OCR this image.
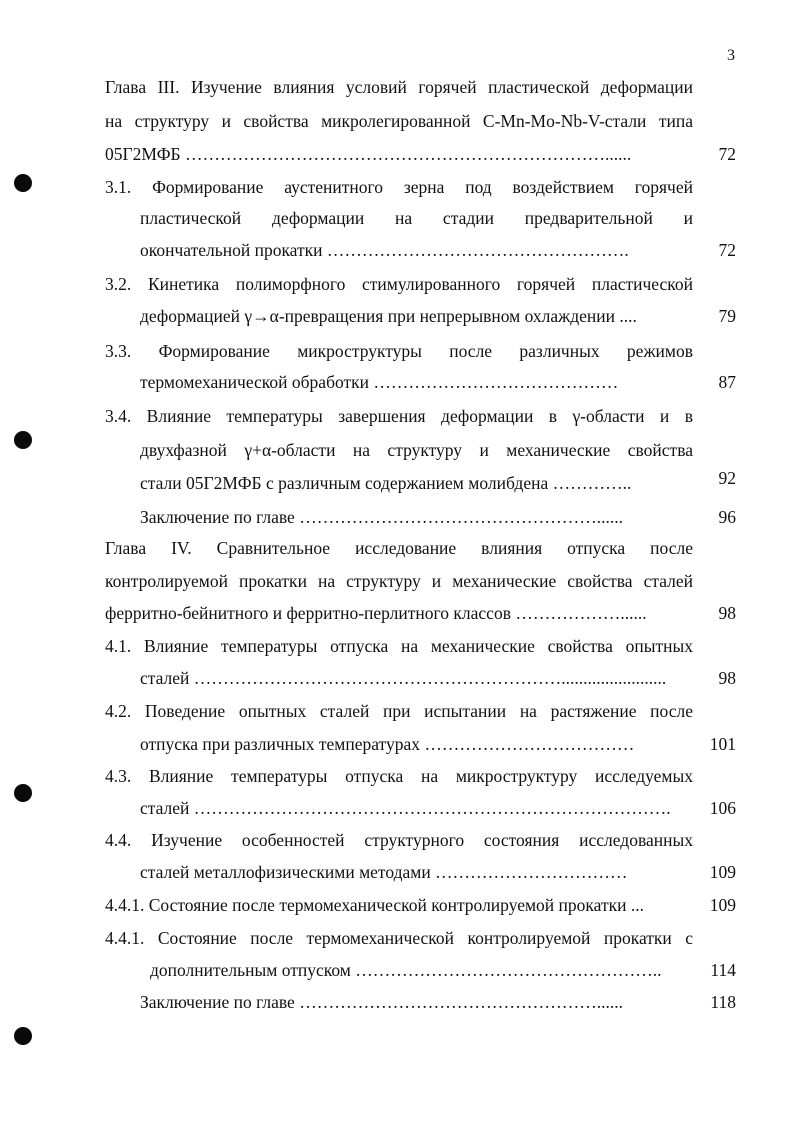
3
Глава III. Изучение влияния условий горячей пластической деформации
на структуру и свойства микролегированной C-Mn-Mo-Nb-V-стали типа
05Г2МФБ ………………………………………………………………......	72
3.1. Формирование аустенитного зерна под воздействием горячей
пластической деформации на стадии предварительной и
окончательной прокатки …………………………………………….	72
3.2. Кинетика полиморфного стимулированного горячей пластической
деформацией γ→α-превращения при непрерывном охлаждении ....	79
3.3. Формирование микроструктуры после различных режимов
термомеханической обработки ……………………………………	87
3.4. Влияние температуры завершения деформации в γ-области и в
двухфазной γ+α-области на структуру и механические свойства
стали 05Г2МФБ с различным содержанием молибдена …………..	92
Заключение по главе ……………………………………………......	96
Глава IV. Сравнительное исследование влияния отпуска после
контролируемой прокатки на структуру и механические свойства сталей
ферритно-бейнитного и ферритно-перлитного классов ………………......	98
4.1. Влияние температуры отпуска на механические свойства опытных
сталей ………………………………………………………........................	98
4.2. Поведение опытных сталей при испытании на растяжение после
отпуска при различных температурах ………………………………	101
4.3. Влияние температуры отпуска на микроструктуру исследуемых
сталей ……………………………………………………………………….	106
4.4. Изучение особенностей структурного состояния исследованных
сталей металлофизическими методами ……………………………	109
4.4.1. Состояние после термомеханической контролируемой прокатки ...	109
4.4.1. Состояние после термомеханической контролируемой прокатки с
дополнительным отпуском ……………………………………………..	114
Заключение по главе ……………………………………………......	118
